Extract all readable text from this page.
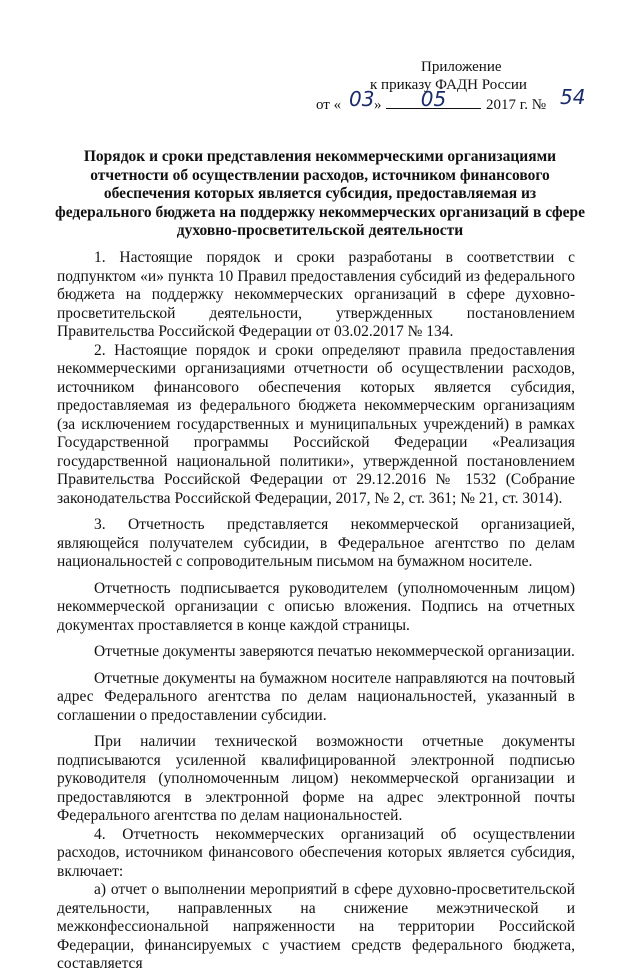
Приложение
к приказу ФАДН России
от « 03 »	05	2017 г. № 54
Порядок и сроки представления некоммерческими организациями отчетности об осуществлении расходов, источником финансового обеспечения которых является субсидия, предоставляемая из федерального бюджета на поддержку некоммерческих организаций в сфере духовно-просветительской деятельности

1. Настоящие порядок и сроки разработаны в соответствии с подпунктом «и» пункта 10 Правил предоставления субсидий из федерального бюджета на поддержку некоммерческих организаций в сфере духовно-просветительской деятельности, утвержденных постановлением Правительства Российской Федерации от 03.02.2017 № 134.

2. Настоящие порядок и сроки определяют правила предоставления некоммерческими организациями отчетности об осуществлении расходов, источником финансового обеспечения которых является субсидия, предоставляемая из федерального бюджета некоммерческим организациям (за исключением государственных и муниципальных учреждений) в рамках Государственной программы Российской Федерации «Реализация государственной национальной политики», утвержденной постановлением Правительства Российской Федерации от 29.12.2016 № 1532 (Собрание законодательства Российской Федерации, 2017, № 2, ст. 361; № 21, ст. 3014).

3. Отчетность представляется некоммерческой организацией, являющейся получателем субсидии, в Федеральное агентство по делам национальностей с сопроводительным письмом на бумажном носителе.

Отчетность подписывается руководителем (уполномоченным лицом) некоммерческой организации с описью вложения. Подпись на отчетных документах проставляется в конце каждой страницы.

Отчетные документы заверяются печатью некоммерческой организации.

Отчетные документы на бумажном носителе направляются на почтовый адрес Федерального агентства по делам национальностей, указанный в соглашении о предоставлении субсидии.

При наличии технической возможности отчетные документы подписываются усиленной квалифицированной электронной подписью руководителя (уполномоченным лицом) некоммерческой организации и предоставляются в электронной форме на адрес электронной почты Федерального агентства по делам национальностей.

4. Отчетность некоммерческих организаций об осуществлении расходов, источником финансового обеспечения которых является субсидия, включает:

а) отчет о выполнении мероприятий в сфере духовно-просветительской деятельности, направленных на снижение межэтнической и межконфессиональной напряженности на территории Российской Федерации, финансируемых с участием средств федерального бюджета, составляется
